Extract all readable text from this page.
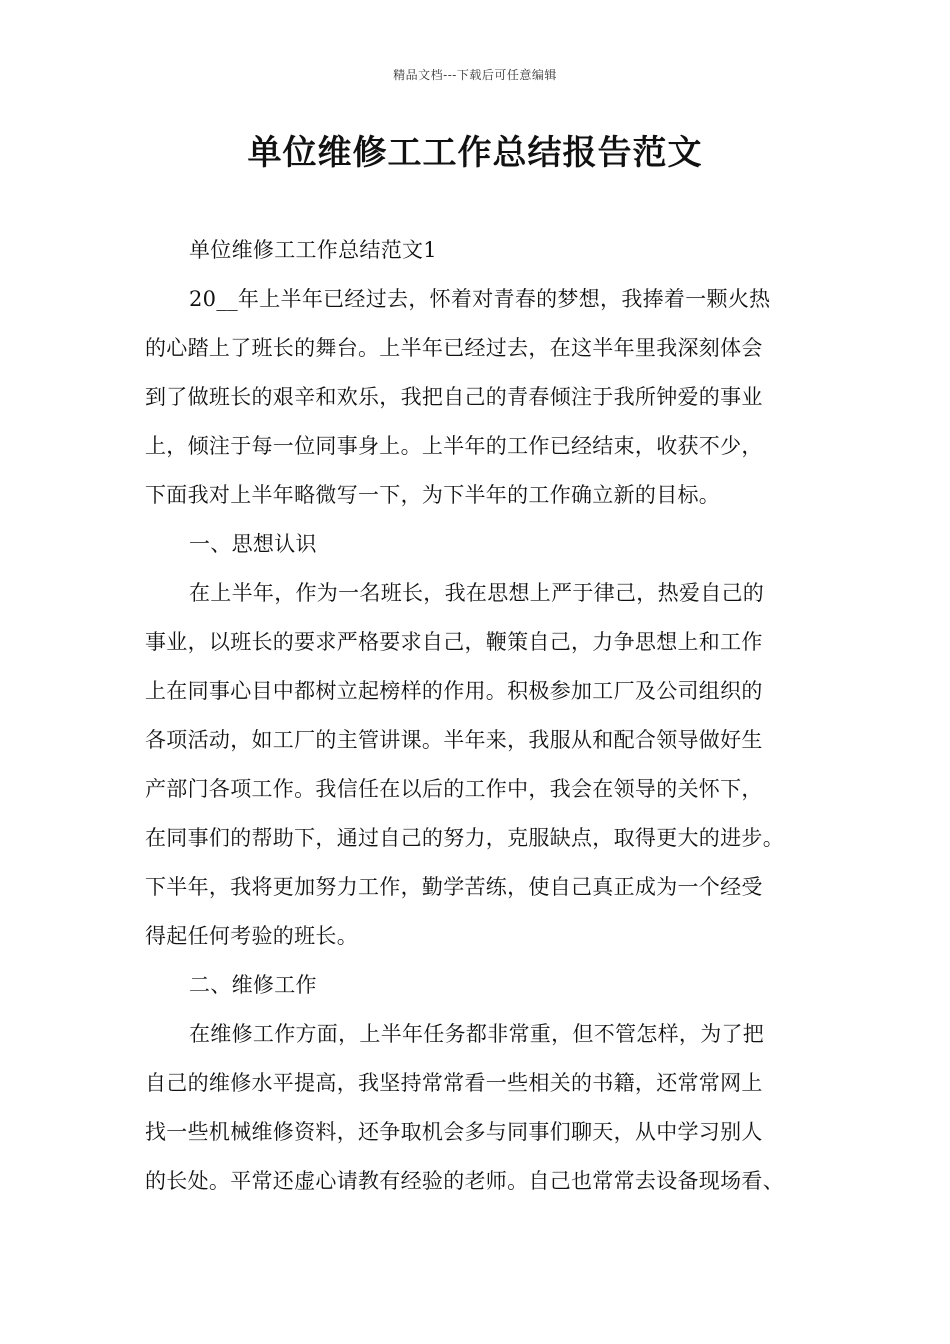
精品文档---下载后可任意编辑
单位维修工工作总结报告范文
单位维修工工作总结范文1
20__年上半年已经过去，怀着对青春的梦想，我捧着一颗火热
的心踏上了班长的舞台。上半年已经过去，在这半年里我深刻体会
到了做班长的艰辛和欢乐，我把自己的青春倾注于我所钟爱的事业
上，倾注于每一位同事身上。上半年的工作已经结束，收获不少，
下面我对上半年略微写一下，为下半年的工作确立新的目标。
一、思想认识
在上半年，作为一名班长，我在思想上严于律己，热爱自己的
事业，以班长的要求严格要求自己，鞭策自己，力争思想上和工作
上在同事心目中都树立起榜样的作用。积极参加工厂及公司组织的
各项活动，如工厂的主管讲课。半年来，我服从和配合领导做好生
产部门各项工作。我信任在以后的工作中，我会在领导的关怀下，
在同事们的帮助下，通过自己的努力，克服缺点，取得更大的进步。
下半年，我将更加努力工作，勤学苦练，使自己真正成为一个经受
得起任何考验的班长。
二、维修工作
在维修工作方面，上半年任务都非常重，但不管怎样，为了把
自己的维修水平提高，我坚持常常看一些相关的书籍，还常常网上
找一些机械维修资料，还争取机会多与同事们聊天，从中学习别人
的长处。平常还虚心请教有经验的老师。自己也常常去设备现场看、
